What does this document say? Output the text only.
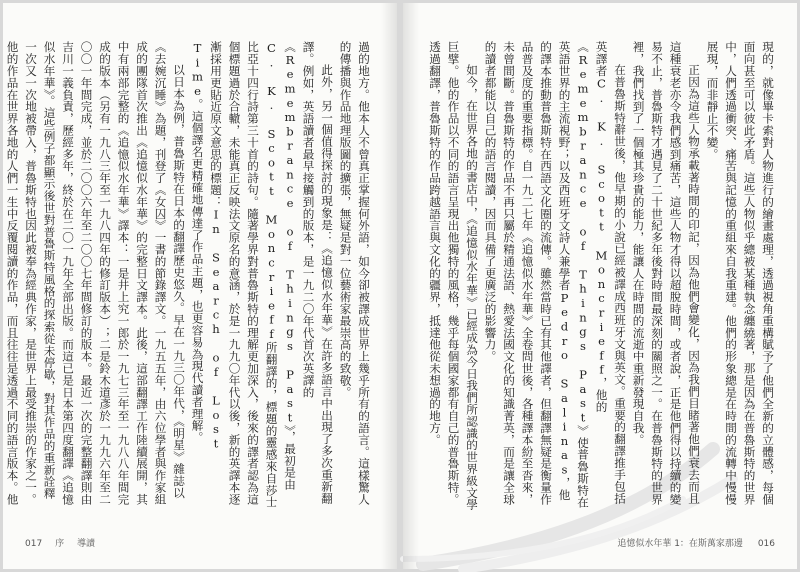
過的地方。他本人不曾真正掌握何外語，如今卻被譯成世界上幾乎所有的語言。這樣驚人的傳播與作品地理版圖的擴張，無疑是對一位藝術家最崇高的致敬。

此外，另一個值得探討的現象是：《追憶似水年華》在許多語言中出現了多次重新翻譯。例如，英語讀者最早接觸到的版本，是一九二〇年代首次英譯的《Remembrance of Things Past》，最初是由C. K. Scott Moncrieff所翻譯的，標題的靈感來自莎士比亞十四行詩第三十首的詩句。隨著學界對普魯斯特的理解更加深入，後來的譯者認為這個標題過於合轍，未能真正反映法文原名的意涵，於是一九九〇年代以後，新的英譯本逐漸採用更貼近原文意思的標題：In Search of Lost Time。這個譯名更精確地傳達了作品主題，也更容易為現代讀者理解。

以日本為例，普魯斯特在日本的翻譯歷史悠久。早在一九三〇年代，《明星》雜誌以《去婉沉睡》為題，刊登了《女囚》一書的節錄譯文。一九五五年，由六位學者與作家組成的團隊首次推出《追憶似水年華》的完整日文譯本。此後，這部翻譯工作陸續展開，其中有兩部完整的《追憶似水年華》譯本：一是井上究一郎於一九七三年至一九八八年間完成的版本（另有一九八三年至一九八四年的修訂版本）；二是鈴木道彥於一九九六年至二〇〇一年間完成，並於二〇〇六年至二〇〇七年間修訂的版本。最近一次的完整翻譯則由吉川一義負責，歷經多年，終於在二〇一九年全部出版。而這已是日本第四度翻譯《追憶似水年華》。這些例子都顯示後世對普魯斯特風格的探索從未停歇，對其作品的重新詮釋一次又一次地被帶入，普魯斯特也因此被奉為經典作家，是世界上最受推崇的作家之一。他的作品在世界各地的人們一生中反覆閱讀的作品，而且往往是透過不同的語言版本。他

017 序 導讀

現的，就像畢卡索對人物進行的繪畫處理，透過視角重構賦予了他們全新的立體感，每個面向甚至可以彼此矛盾。這些人物似乎總被某種執念纏繞著，那是因為在普魯斯特的世界中，人們透過衝突、痛苦與記憶的重組來自我重建。他們的形象總是在時間的流轉中慢慢展現，而非靜止不變。

正因為這些人物承載著時間的印記，因為他們會變化，因為我們目睹著他們衰去而且這種衰老亦令我們感到痛苦，這些人物才得以超脫時間，或者說，正是他們得以持續的變易不止，普魯斯特才遇見了二十世紀多年後對時間最深刻的關照之一。在普魯斯特的世界裡，我們找到了一個極其珍貴的能力，能讓人在時間的流逝中重新發現自我。

在普魯斯特辭世後，他早期的小說已經被譯成西班牙文與英文。重要的翻譯推手包括英譯者C. K. Scott Moncrieff，他的《Remembrance of Things Past》使普魯斯特在英語世界的主流視野；以及西班牙文詩人兼學者Pedro Salinas，他的譯本推動普魯斯特在西語文化圈的流傳。雖然當時已有其他譯者，但翻譯無疑是衡量作品普及度的重要指標。自一九二七年《追憶似水年華》全卷問世後，各種譯本紛至沓來，未曾間斷。普魯斯特的作品不再只屬於精通法語、熱愛法國文化的知識菁英，而是讓全球的讀者都能以自己的語言閱讀，因而具備了更廣泛的影響力。

如今，在世界各地的書店中，《追憶似水年華》已經成為今日我們所認識的世界級文學巨擘。他的作品以不同的語言呈現出他獨特的風格，幾乎每個國家都有自己的普魯斯特。透過翻譯，普魯斯特的作品跨越語言與文化的疆界，抵達他從未想過的地方。

追憶似水年華 1：在斯萬家那邊 016
